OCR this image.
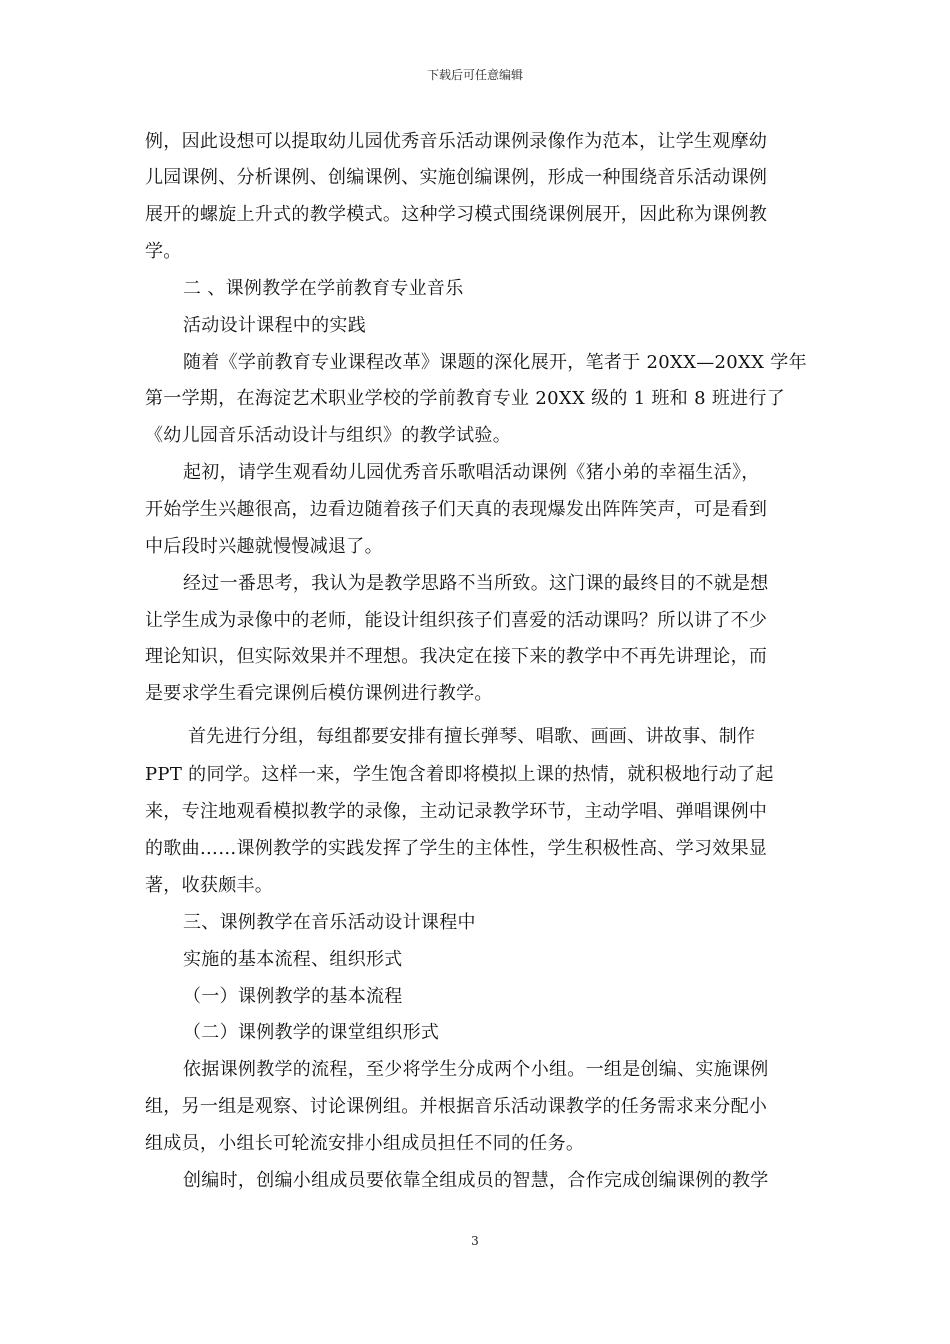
下载后可任意编辑
例，因此设想可以提取幼儿园优秀音乐活动课例录像作为范本，让学生观摩幼
儿园课例、分析课例、创编课例、实施创编课例，形成一种围绕音乐活动课例
展开的螺旋上升式的教学模式。这种学习模式围绕课例展开，因此称为课例教
学。
二 、课例教学在学前教育专业音乐
活动设计课程中的实践
随着《学前教育专业课程改革》课题的深化展开，笔者于 20XX—20XX 学年
第一学期，在海淀艺术职业学校的学前教育专业 20XX 级的 1 班和 8 班进行了
《幼儿园音乐活动设计与组织》的教学试验。
起初，请学生观看幼儿园优秀音乐歌唱活动课例《猪小弟的幸福生活》，
开始学生兴趣很高，边看边随着孩子们天真的表现爆发出阵阵笑声，可是看到
中后段时兴趣就慢慢减退了。
经过一番思考，我认为是教学思路不当所致。这门课的最终目的不就是想
让学生成为录像中的老师，能设计组织孩子们喜爱的活动课吗？所以讲了不少
理论知识，但实际效果并不理想。我决定在接下来的教学中不再先讲理论，而
是要求学生看完课例后模仿课例进行教学。
首先进行分组，每组都要安排有擅长弹琴、唱歌、画画、讲故事、制作
PPT 的同学。这样一来，学生饱含着即将模拟上课的热情，就积极地行动了起
来，专注地观看模拟教学的录像，主动记录教学环节，主动学唱、弹唱课例中
的歌曲……课例教学的实践发挥了学生的主体性，学生积极性高、学习效果显
著，收获颇丰。
三、课例教学在音乐活动设计课程中
实施的基本流程、组织形式
（一）课例教学的基本流程
（二）课例教学的课堂组织形式
依据课例教学的流程，至少将学生分成两个小组。一组是创编、实施课例
组，另一组是观察、讨论课例组。并根据音乐活动课教学的任务需求来分配小
组成员，小组长可轮流安排小组成员担任不同的任务。
创编时，创编小组成员要依靠全组成员的智慧，合作完成创编课例的教学
3
